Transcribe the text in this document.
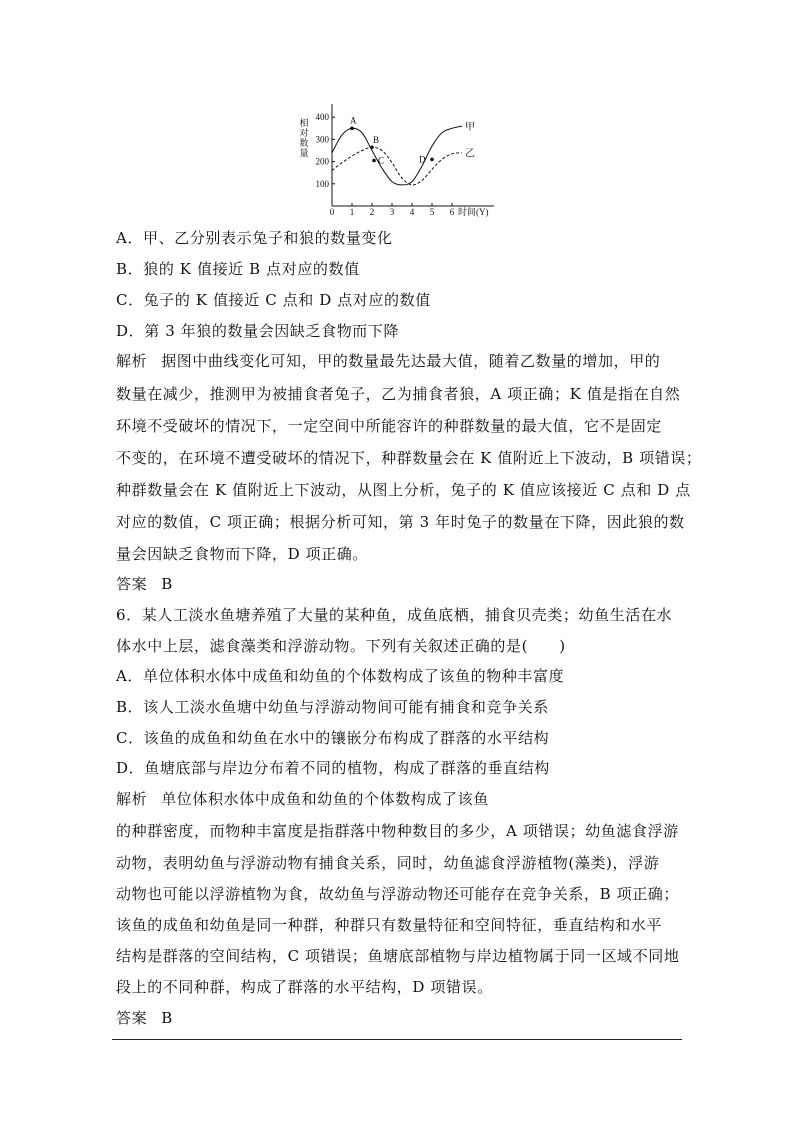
100
200
300
400
0 1 2 3 4 5 6 时间(Y)
相
对
数
量
甲
乙
A
B
C	D
A．甲、乙分别表示兔子和狼的数量变化
B．狼的 K 值接近 B 点对应的数值
C．兔子的 K 值接近 C 点和 D 点对应的数值
D．第 3 年狼的数量会因缺乏食物而下降
解析 据图中曲线变化可知，甲的数量最先达最大值，随着乙数量的增加，甲的
数量在减少，推测甲为被捕食者兔子，乙为捕食者狼，A 项正确；K 值是指在自然
环境不受破坏的情况下，一定空间中所能容许的种群数量的最大值，它不是固定
不变的，在环境不遭受破坏的情况下，种群数量会在 K 值附近上下波动，B 项错误；
种群数量会在 K 值附近上下波动，从图上分析，兔子的 K 值应该接近 C 点和 D 点
对应的数值，C 项正确；根据分析可知，第 3 年时兔子的数量在下降，因此狼的数
量会因缺乏食物而下降，D 项正确。
答案 B
6．某人工淡水鱼塘养殖了大量的某种鱼，成鱼底栖，捕食贝壳类；幼鱼生活在水
体水中上层，滤食藻类和浮游动物。下列有关叙述正确的是(　　)
A．单位体积水体中成鱼和幼鱼的个体数构成了该鱼的物种丰富度
B．该人工淡水鱼塘中幼鱼与浮游动物间可能有捕食和竞争关系
C．该鱼的成鱼和幼鱼在水中的镶嵌分布构成了群落的水平结构
D．鱼塘底部与岸边分布着不同的植物，构成了群落的垂直结构
解析 单位体积水体中成鱼和幼鱼的个体数构成了该鱼
的种群密度，而物种丰富度是指群落中物种数目的多少，A 项错误；幼鱼滤食浮游
动物，表明幼鱼与浮游动物有捕食关系，同时，幼鱼滤食浮游植物(藻类)，浮游
动物也可能以浮游植物为食，故幼鱼与浮游动物还可能存在竞争关系，B 项正确；
该鱼的成鱼和幼鱼是同一种群，种群只有数量特征和空间特征，垂直结构和水平
结构是群落的空间结构，C 项错误；鱼塘底部植物与岸边植物属于同一区域不同地
段上的不同种群，构成了群落的水平结构，D 项错误。
答案 B
